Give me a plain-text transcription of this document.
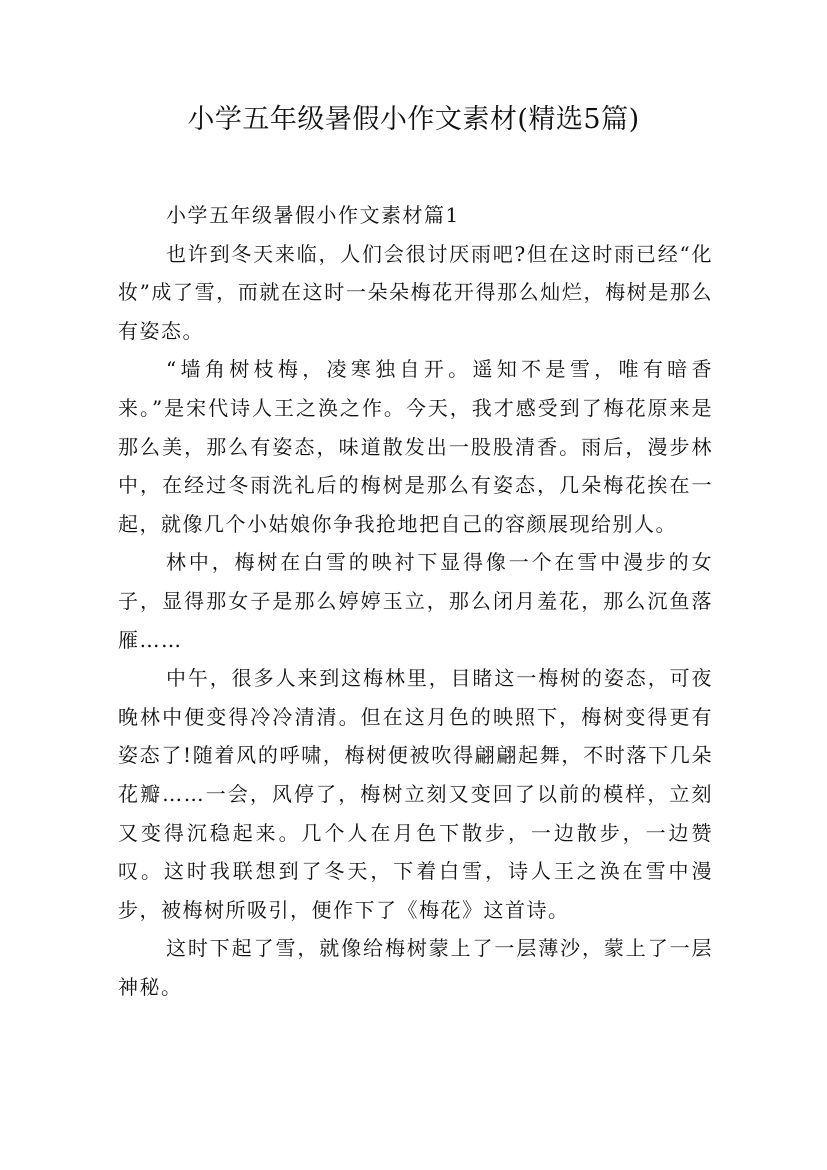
小学五年级暑假小作文素材(精选5篇)

小学五年级暑假小作文素材篇1

也许到冬天来临，人们会很讨厌雨吧?但在这时雨已经“化妆”成了雪，而就在这时一朵朵梅花开得那么灿烂，梅树是那么有姿态。

“墙角树枝梅，凌寒独自开。遥知不是雪，唯有暗香来。”是宋代诗人王之涣之作。今天，我才感受到了梅花原来是那么美，那么有姿态，味道散发出一股股清香。雨后，漫步林中，在经过冬雨洗礼后的梅树是那么有姿态，几朵梅花挨在一起，就像几个小姑娘你争我抢地把自己的容颜展现给别人。

林中，梅树在白雪的映衬下显得像一个在雪中漫步的女子，显得那女子是那么婷婷玉立，那么闭月羞花，那么沉鱼落雁……

中午，很多人来到这梅林里，目睹这一梅树的姿态，可夜晚林中便变得冷冷清清。但在这月色的映照下，梅树变得更有姿态了!随着风的呼啸，梅树便被吹得翩翩起舞，不时落下几朵花瓣……一会，风停了，梅树立刻又变回了以前的模样，立刻又变得沉稳起来。几个人在月色下散步，一边散步，一边赞叹。这时我联想到了冬天，下着白雪，诗人王之涣在雪中漫步，被梅树所吸引，便作下了《梅花》这首诗。

这时下起了雪，就像给梅树蒙上了一层薄沙，蒙上了一层神秘。
